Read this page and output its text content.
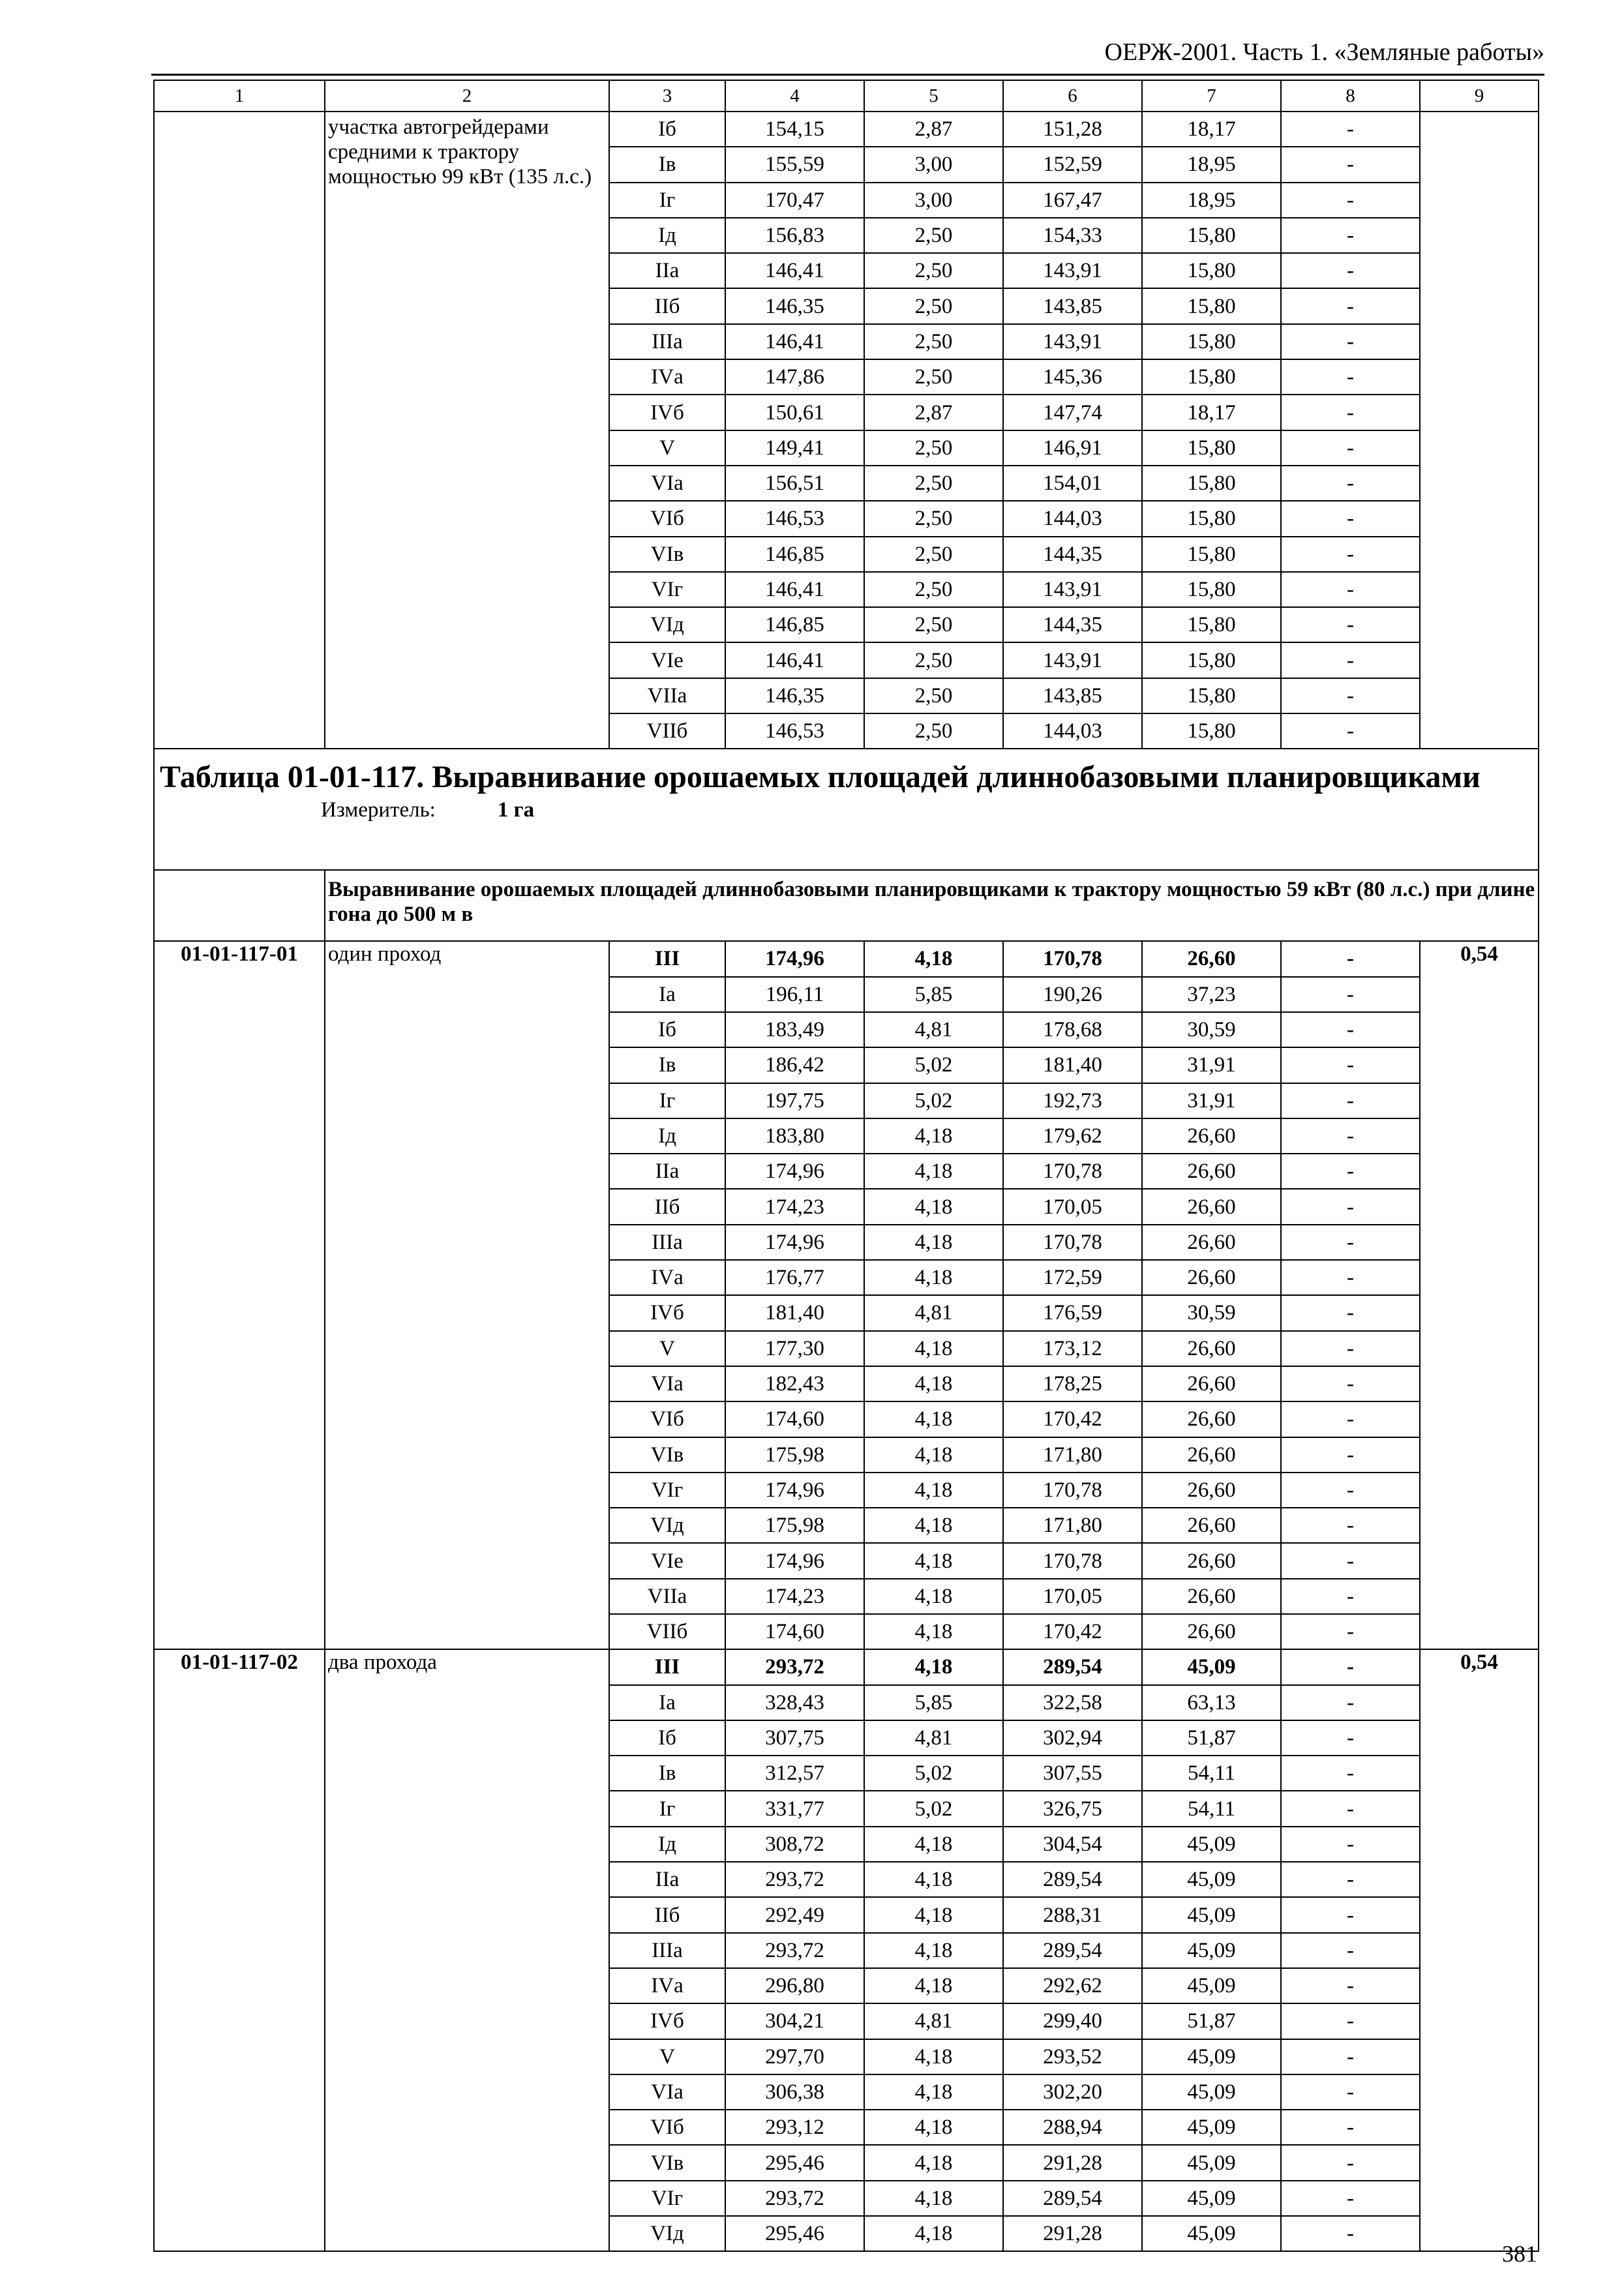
ОЕРЖ-2001. Часть 1. «Земляные работы»
1	2	3	4	5	6	7	8	9
	участка автогрейдерами средними к трактору мощностью 99 кВт (135 л.с.)	Iб	154,15	2,87	151,28	18,17	-	
		Iв	155,59	3,00	152,59	18,95	-	
		Iг	170,47	3,00	167,47	18,95	-	
		Iд	156,83	2,50	154,33	15,80	-	
		IIа	146,41	2,50	143,91	15,80	-	
		IIб	146,35	2,50	143,85	15,80	-	
		IIIа	146,41	2,50	143,91	15,80	-	
		IVа	147,86	2,50	145,36	15,80	-	
		IVб	150,61	2,87	147,74	18,17	-	
		V	149,41	2,50	146,91	15,80	-	
		VIа	156,51	2,50	154,01	15,80	-	
		VIб	146,53	2,50	144,03	15,80	-	
		VIв	146,85	2,50	144,35	15,80	-	
		VIг	146,41	2,50	143,91	15,80	-	
		VIд	146,85	2,50	144,35	15,80	-	
		VIе	146,41	2,50	143,91	15,80	-	
		VIIа	146,35	2,50	143,85	15,80	-	
		VIIб	146,53	2,50	144,03	15,80	-	

Таблица 01-01-117. Выравнивание орошаемых площадей длиннобазовыми планировщиками
Измеритель: 1 га								

	Выравнивание орошаемых площадей длиннобазовыми планировщиками к трактору мощностью 59 кВт (80 л.с.) при длине гона до 500 м в							
01-01-117-01	один проход	III	174,96	4,18	170,78	26,60	-	0,54
		Iа	196,11	5,85	190,26	37,23	-	
		Iб	183,49	4,81	178,68	30,59	-	
		Iв	186,42	5,02	181,40	31,91	-	
		Iг	197,75	5,02	192,73	31,91	-	
		Iд	183,80	4,18	179,62	26,60	-	
		IIа	174,96	4,18	170,78	26,60	-	
		IIб	174,23	4,18	170,05	26,60	-	
		IIIа	174,96	4,18	170,78	26,60	-	
		IVа	176,77	4,18	172,59	26,60	-	
		IVб	181,40	4,81	176,59	30,59	-	
		V	177,30	4,18	173,12	26,60	-	
		VIа	182,43	4,18	178,25	26,60	-	
		VIб	174,60	4,18	170,42	26,60	-	
		VIв	175,98	4,18	171,80	26,60	-	
		VIг	174,96	4,18	170,78	26,60	-	
		VIд	175,98	4,18	171,80	26,60	-	
		VIе	174,96	4,18	170,78	26,60	-	
		VIIа	174,23	4,18	170,05	26,60	-	
		VIIб	174,60	4,18	170,42	26,60	-	
01-01-117-02	два прохода	III	293,72	4,18	289,54	45,09	-	0,54
		Iа	328,43	5,85	322,58	63,13	-	
		Iб	307,75	4,81	302,94	51,87	-	
		Iв	312,57	5,02	307,55	54,11	-	
		Iг	331,77	5,02	326,75	54,11	-	
		Iд	308,72	4,18	304,54	45,09	-	
		IIа	293,72	4,18	289,54	45,09	-	
		IIб	292,49	4,18	288,31	45,09	-	
		IIIа	293,72	4,18	289,54	45,09	-	
		IVа	296,80	4,18	292,62	45,09	-	
		IVб	304,21	4,81	299,40	51,87	-	
		V	297,70	4,18	293,52	45,09	-	
		VIа	306,38	4,18	302,20	45,09	-	
		VIб	293,12	4,18	288,94	45,09	-	
		VIв	295,46	4,18	291,28	45,09	-	
		VIг	293,72	4,18	289,54	45,09	-	
		VIд	295,46	4,18	291,28	45,09	-	
381
